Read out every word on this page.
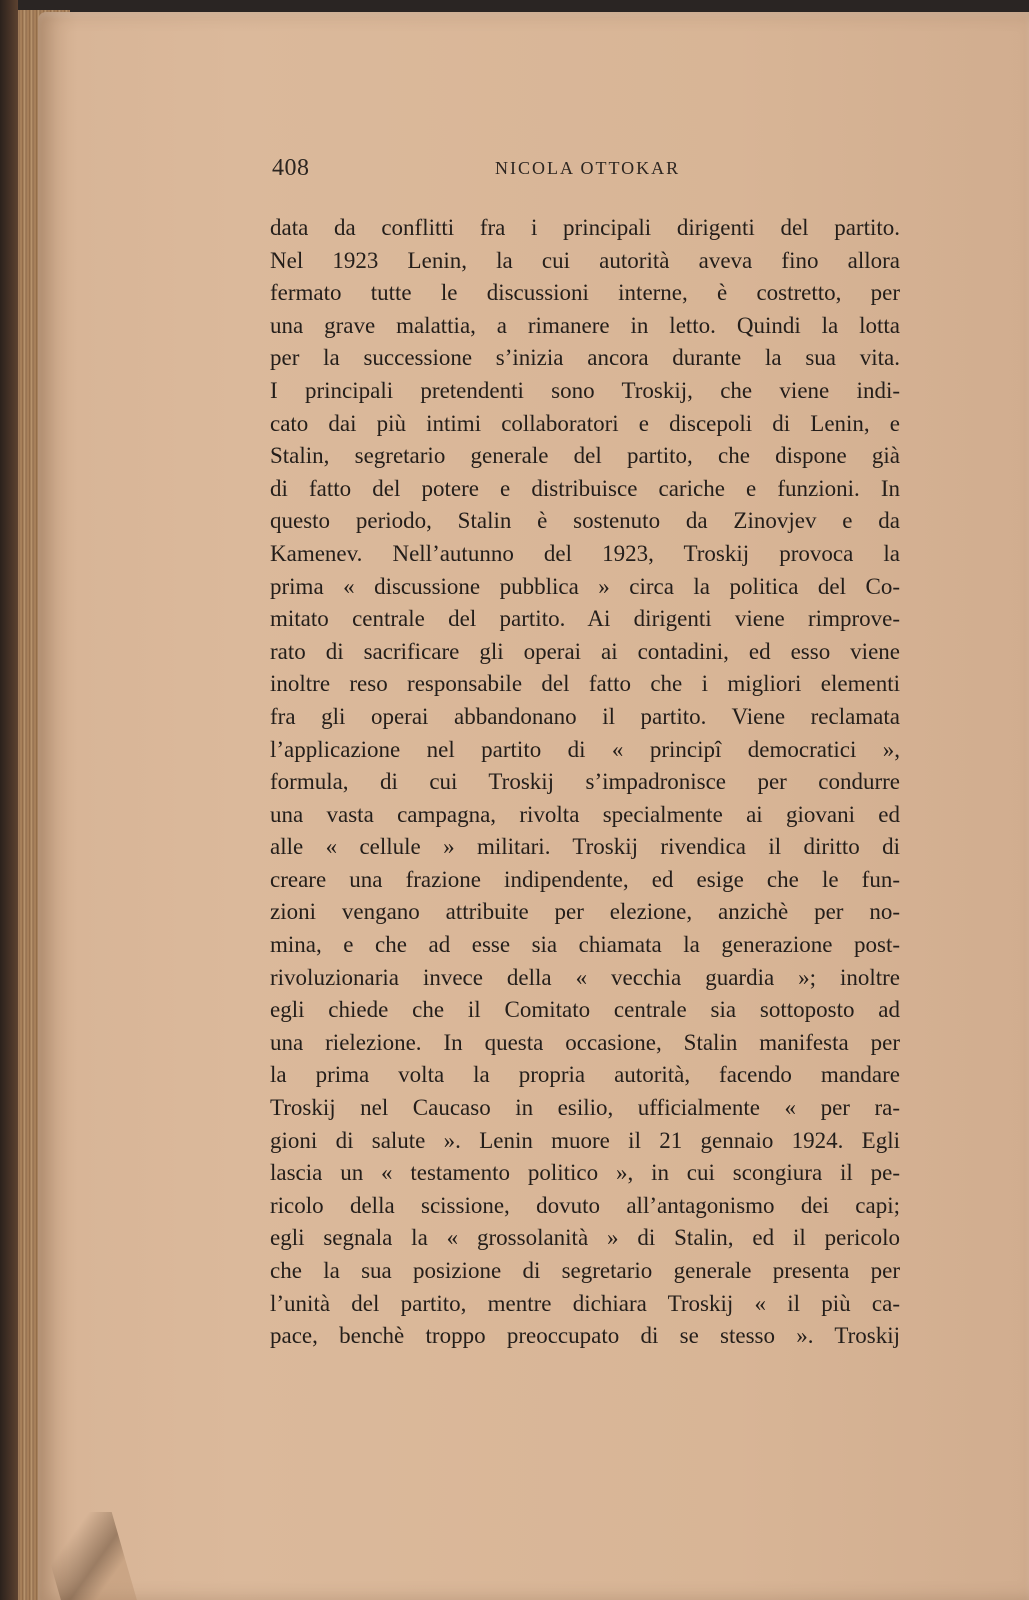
408	NICOLA OTTOKAR
data da conflitti fra i principali dirigenti del partito.
Nel 1923 Lenin, la cui autorità aveva fino allora
fermato tutte le discussioni interne, è costretto, per
una grave malattia, a rimanere in letto. Quindi la lotta
per la successione s’inizia ancora durante la sua vita.
I principali pretendenti sono Troskij, che viene indi-
cato dai più intimi collaboratori e discepoli di Lenin, e
Stalin, segretario generale del partito, che dispone già
di fatto del potere e distribuisce cariche e funzioni. In
questo periodo, Stalin è sostenuto da Zinovjev e da
Kamenev. Nell’autunno del 1923, Troskij provoca la
prima « discussione pubblica » circa la politica del Co-
mitato centrale del partito. Ai dirigenti viene rimprove-
rato di sacrificare gli operai ai contadini, ed esso viene
inoltre reso responsabile del fatto che i migliori elementi
fra gli operai abbandonano il partito. Viene reclamata
l’applicazione nel partito di « principî democratici »,
formula, di cui Troskij s’impadronisce per condurre
una vasta campagna, rivolta specialmente ai giovani ed
alle « cellule » militari. Troskij rivendica il diritto di
creare una frazione indipendente, ed esige che le fun-
zioni vengano attribuite per elezione, anzichè per no-
mina, e che ad esse sia chiamata la generazione post-
rivoluzionaria invece della « vecchia guardia »; inoltre
egli chiede che il Comitato centrale sia sottoposto ad
una rielezione. In questa occasione, Stalin manifesta per
la prima volta la propria autorità, facendo mandare
Troskij nel Caucaso in esilio, ufficialmente « per ra-
gioni di salute ». Lenin muore il 21 gennaio 1924. Egli
lascia un « testamento politico », in cui scongiura il pe-
ricolo della scissione, dovuto all’antagonismo dei capi;
egli segnala la « grossolanità » di Stalin, ed il pericolo
che la sua posizione di segretario generale presenta per
l’unità del partito, mentre dichiara Troskij « il più ca-
pace, benchè troppo preoccupato di se stesso ». Troskij
